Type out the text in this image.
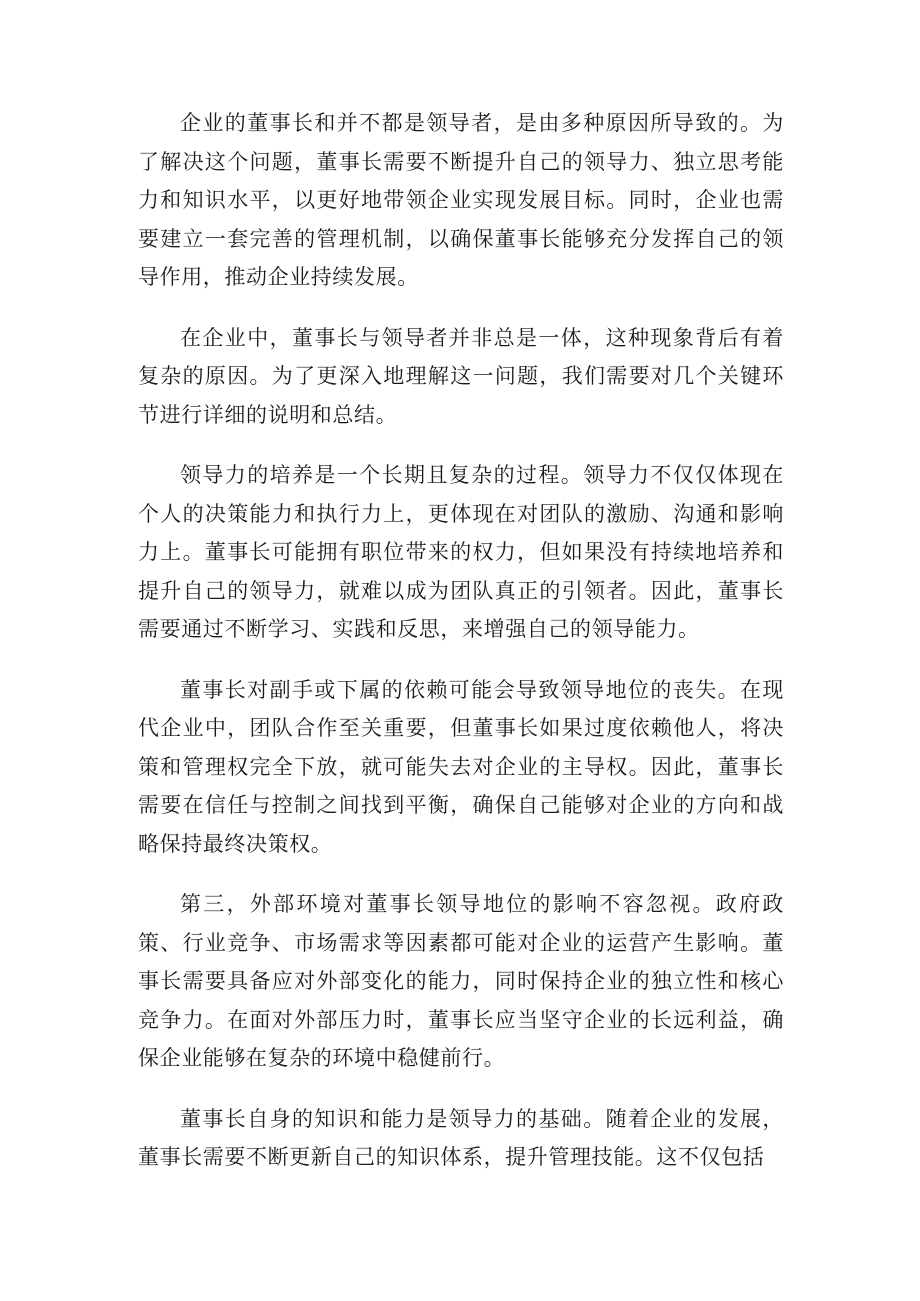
企业的董事长和并不都是领导者，是由多种原因所导致的。为了解决这个问题，董事长需要不断提升自己的领导力、独立思考能力和知识水平，以更好地带领企业实现发展目标。同时，企业也需要建立一套完善的管理机制，以确保董事长能够充分发挥自己的领导作用，推动企业持续发展。

在企业中，董事长与领导者并非总是一体，这种现象背后有着复杂的原因。为了更深入地理解这一问题，我们需要对几个关键环节进行详细的说明和总结。

领导力的培养是一个长期且复杂的过程。领导力不仅仅体现在个人的决策能力和执行力上，更体现在对团队的激励、沟通和影响力上。董事长可能拥有职位带来的权力，但如果没有持续地培养和提升自己的领导力，就难以成为团队真正的引领者。因此，董事长需要通过不断学习、实践和反思，来增强自己的领导能力。

董事长对副手或下属的依赖可能会导致领导地位的丧失。在现代企业中，团队合作至关重要，但董事长如果过度依赖他人，将决策和管理权完全下放，就可能失去对企业的主导权。因此，董事长需要在信任与控制之间找到平衡，确保自己能够对企业的方向和战略保持最终决策权。

第三，外部环境对董事长领导地位的影响不容忽视。政府政策、行业竞争、市场需求等因素都可能对企业的运营产生影响。董事长需要具备应对外部变化的能力，同时保持企业的独立性和核心竞争力。在面对外部压力时，董事长应当坚守企业的长远利益，确保企业能够在复杂的环境中稳健前行。

董事长自身的知识和能力是领导力的基础。随着企业的发展，董事长需要不断更新自己的知识体系，提升管理技能。这不仅包括
